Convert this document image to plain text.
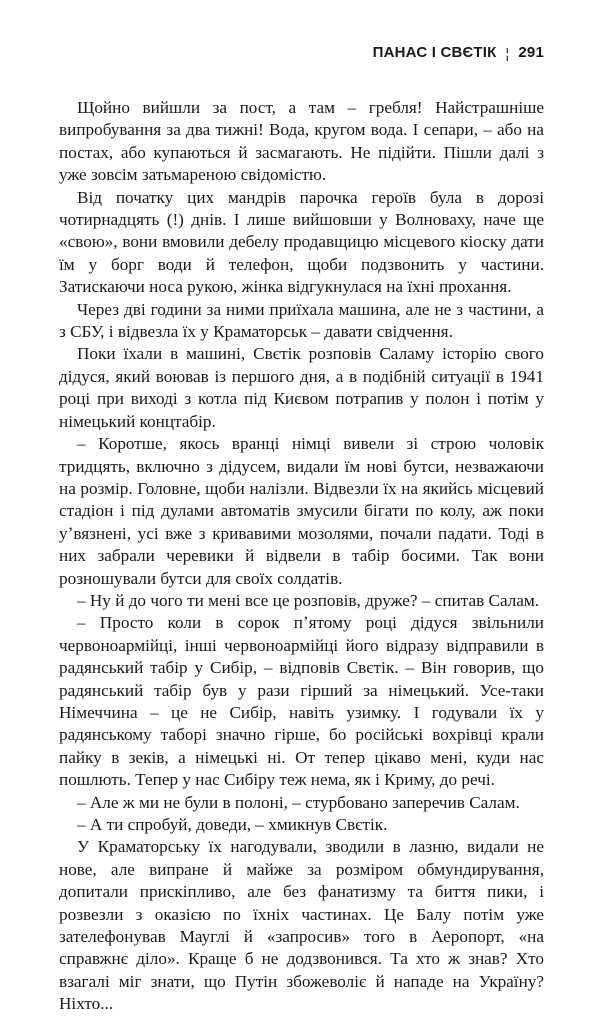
ПАНАС І СВЄТІК ¦ 291

Щойно вийшли за пост, а там – гребля! Найстрашніше випробування за два тижні! Вода, кругом вода. І сепари, – або на постах, або купаються й засмагають. Не підійти. Пішли далі з уже зовсім затьмареною свідомістю.

Від початку цих мандрів парочка героїв була в дорозі чотирнадцять (!) днів. І лише вийшовши у Волноваху, наче ще «свою», вони вмовили дебелу продавщицю місцевого кіоску дати їм у борг води й телефон, щоби подзвонить у частини. Затискаючи носа рукою, жінка відгукнулася на їхні прохання.

Через дві години за ними приїхала машина, але не з частини, а з СБУ, і відвезла їх у Краматорськ – давати свідчення.

Поки їхали в машині, Свєтік розповів Саламу історію свого дідуся, який воював із першого дня, а в подібній ситуації в 1941 році при виході з котла під Києвом потрапив у полон і потім у німецький концтабір.

– Коротше, якось вранці німці вивели зі строю чоловік тридцять, включно з дідусем, видали їм нові бутси, незважаючи на розмір. Головне, щоби налізли. Відвезли їх на якийсь місцевий стадіон і під дулами автоматів змусили бігати по колу, аж поки уʼвязнені, усі вже з кривавими мозолями, почали падати. Тоді в них забрали черевики й відвели в табір босими. Так вони розношували бутси для своїх солдатів.

– Ну й до чого ти мені все це розповів, друже? – спитав Салам.

– Просто коли в сорок пʼятому році дідуся звільнили червоноармійці, інші червоноармійці його відразу відправили в радянський табір у Сибір, – відповів Свєтік. – Він говорив, що радянський табір був у рази гірший за німецький. Усе-таки Німеччина – це не Сибір, навіть узимку. І годували їх у радянському таборі значно гірше, бо російські вохрівці крали пайку в зеків, а німецькі ні. От тепер цікаво мені, куди нас пошлють. Тепер у нас Сибіру теж нема, як і Криму, до речі.

– Але ж ми не були в полоні, – стурбовано заперечив Салам.

– А ти спробуй, доведи, – хмикнув Свєтік.

У Краматорську їх нагодували, зводили в лазню, видали не нове, але випране й майже за розміром обмундирування, допитали прискіпливо, але без фанатизму та биття пики, і розвезли з оказією по їхніх частинах. Це Балу потім уже зателефонував Мауглі й «запросив» того в Аеропорт, «на справжнє діло». Краще б не додзвонився. Та хто ж знав? Хто взагалі міг знати, що Путін збожеволіє й нападе на Україну? Ніхто...
